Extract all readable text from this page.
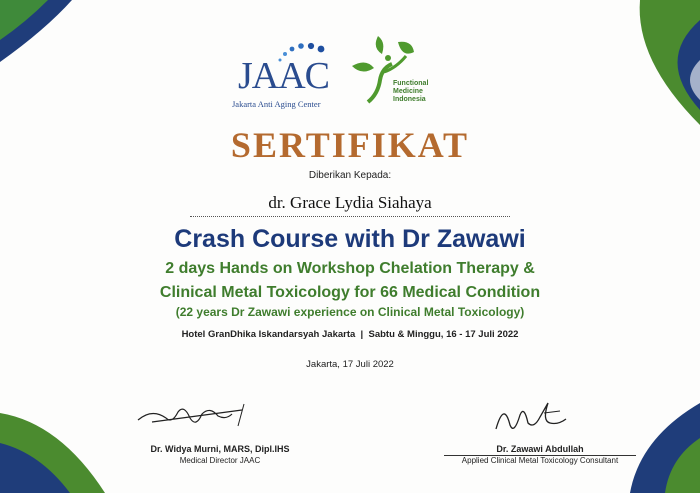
JAAC
Jakarta Anti Aging Center
Functional
Medicine
Indonesia
SERTIFIKAT
Diberikan Kepada:
dr. Grace Lydia Siahaya
Crash Course with Dr Zawawi
2 days Hands on Workshop Chelation Therapy &
Clinical Metal Toxicology for 66 Medical Condition
(22 years Dr Zawawi experience on Clinical Metal Toxicology)
Hotel GranDhika Iskandarsyah Jakarta  |  Sabtu & Minggu, 16 - 17 Juli 2022
Jakarta, 17 Juli 2022
Dr. Widya Murni, MARS, Dipl.IHS
Medical Director JAAC
Dr. Zawawi Abdullah
Applied Clinical Metal Toxicology Consultant
